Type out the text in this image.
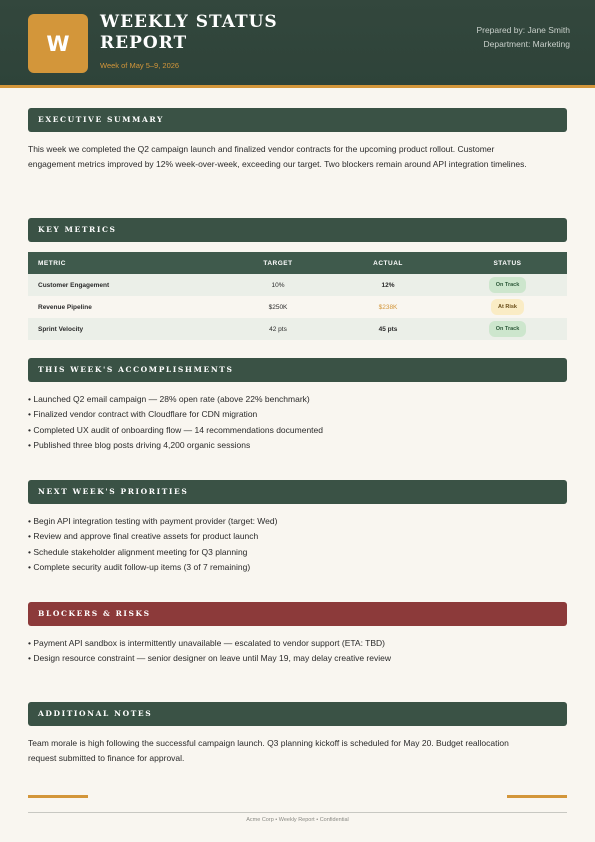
W
WEEKLY STATUS REPORT
Week of May 5–9, 2026
Prepared by: Jane Smith
Department: Marketing
EXECUTIVE SUMMARY

This week we completed the Q2 campaign launch and finalized vendor contracts for the upcoming product rollout. Customer engagement metrics improved by 12% week-over-week, exceeding our target. Two blockers remain around API integration timelines.

KEY METRICS
METRIC	TARGET	ACTUAL	STATUS
Customer Engagement	10%	12%	On Track
Revenue Pipeline	$250K	$238K	At Risk
Sprint Velocity	42 pts	45 pts	On Track
THIS WEEK'S ACCOMPLISHMENTS
• Launched Q2 email campaign — 28% open rate (above 22% benchmark)
• Finalized vendor contract with Cloudflare for CDN migration
• Completed UX audit of onboarding flow — 14 recommendations documented
• Published three blog posts driving 4,200 organic sessions
NEXT WEEK'S PRIORITIES
• Begin API integration testing with payment provider (target: Wed)
• Review and approve final creative assets for product launch
• Schedule stakeholder alignment meeting for Q3 planning
• Complete security audit follow-up items (3 of 7 remaining)
BLOCKERS & RISKS
• Payment API sandbox is intermittently unavailable — escalated to vendor support (ETA: TBD)
• Design resource constraint — senior designer on leave until May 19, may delay creative review
ADDITIONAL NOTES

Team morale is high following the successful campaign launch. Q3 planning kickoff is scheduled for May 20. Budget reallocation request submitted to finance for approval.

Acme Corp • Weekly Report • Confidential
